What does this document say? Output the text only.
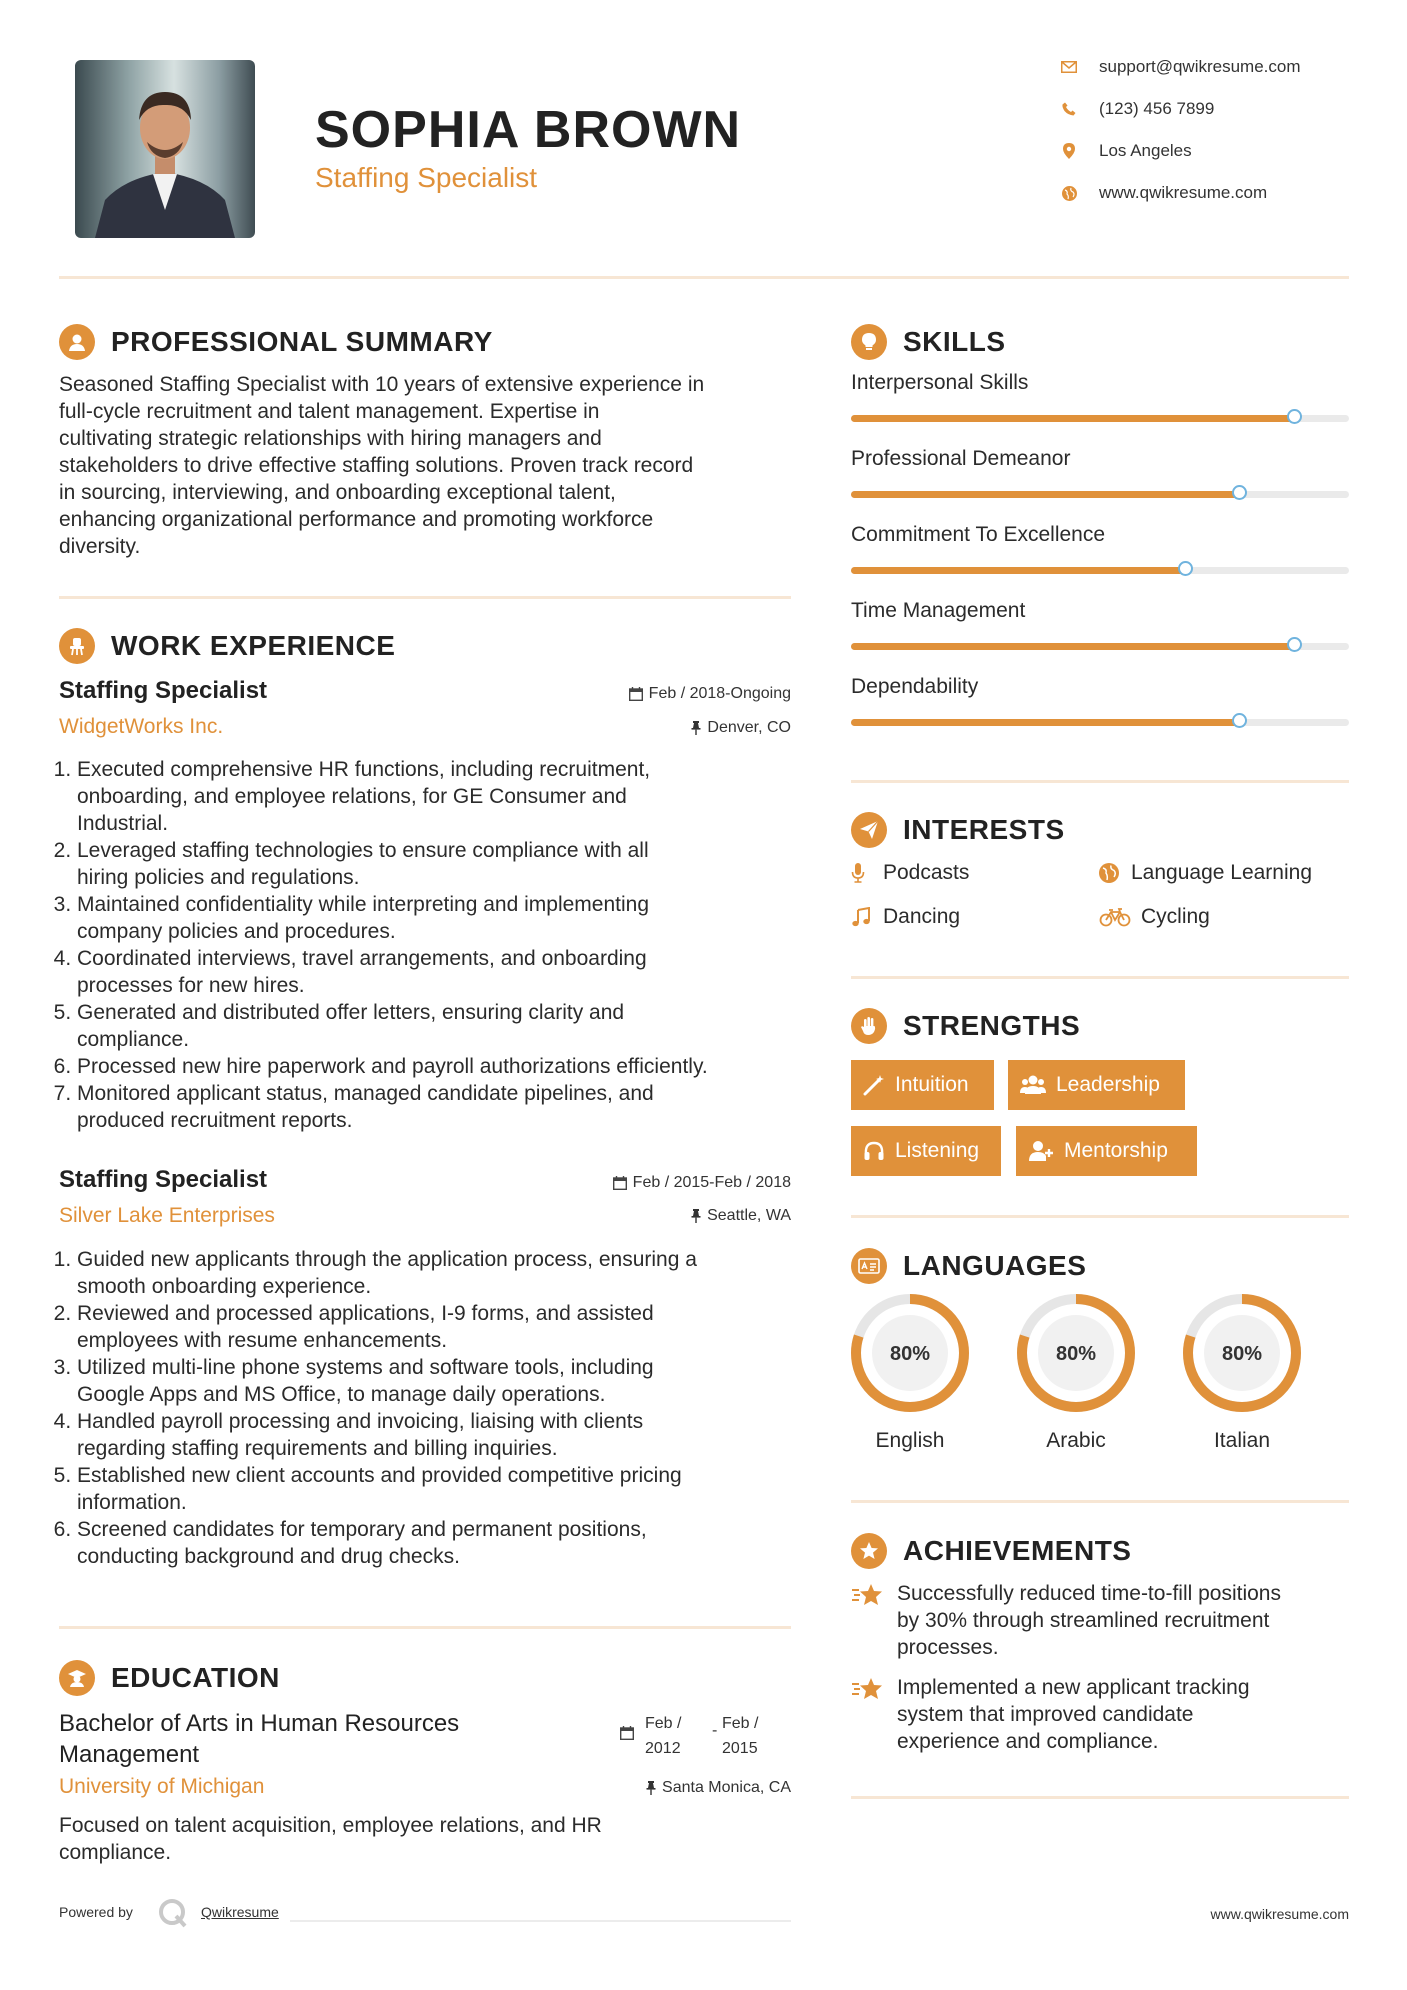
SOPHIA BROWN
Staffing Specialist
support@qwikresume.com
(123) 456 7899
Los Angeles
www.qwikresume.com
PROFESSIONAL SUMMARY
Seasoned Staffing Specialist with 10 years of extensive experience in
full-cycle recruitment and talent management. Expertise in
cultivating strategic relationships with hiring managers and
stakeholders to drive effective staffing solutions. Proven track record
in sourcing, interviewing, and onboarding exceptional talent,
enhancing organizational performance and promoting workforce
diversity.
WORK EXPERIENCE
Staffing Specialist	Feb / 2018-Ongoing
WidgetWorks Inc.	Denver, CO
1. Executed comprehensive HR functions, including recruitment,
onboarding, and employee relations, for GE Consumer and
Industrial.
2. Leveraged staffing technologies to ensure compliance with all
hiring policies and regulations.
3. Maintained confidentiality while interpreting and implementing
company policies and procedures.
4. Coordinated interviews, travel arrangements, and onboarding
processes for new hires.
5. Generated and distributed offer letters, ensuring clarity and
compliance.
6. Processed new hire paperwork and payroll authorizations efficiently.
7. Monitored applicant status, managed candidate pipelines, and
produced recruitment reports.
Staffing Specialist	Feb / 2015-Feb / 2018
Silver Lake Enterprises	Seattle, WA
1. Guided new applicants through the application process, ensuring a
smooth onboarding experience.
2. Reviewed and processed applications, I-9 forms, and assisted
employees with resume enhancements.
3. Utilized multi-line phone systems and software tools, including
Google Apps and MS Office, to manage daily operations.
4. Handled payroll processing and invoicing, liaising with clients
regarding staffing requirements and billing inquiries.
5. Established new client accounts and provided competitive pricing
information.
6. Screened candidates for temporary and permanent positions,
conducting background and drug checks.
EDUCATION
Bachelor of Arts in Human Resources
Management
Feb /
2012
- Feb /
2015
University of Michigan	Santa Monica, CA
Focused on talent acquisition, employee relations, and HR
compliance.
Powered by	Qwikresume
SKILLS
Interpersonal Skills
Professional Demeanor
Commitment To Excellence
Time Management
Dependability
INTERESTS
Podcasts	Language Learning
Dancing	Cycling
STRENGTHS
Intuition	Leadership
Listening	Mentorship
LANGUAGES
80%	80%	80%
English	Arabic	Italian
ACHIEVEMENTS
Successfully reduced time-to-fill positions
by 30% through streamlined recruitment
processes.
Implemented a new applicant tracking
system that improved candidate
experience and compliance.
www.qwikresume.com
